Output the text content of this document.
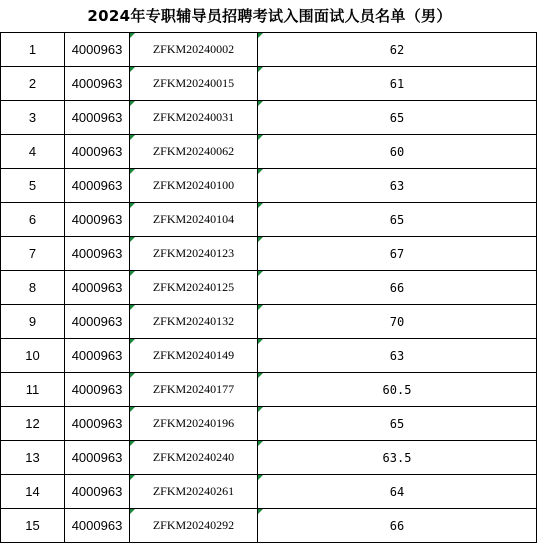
2024年专职辅导员招聘考试入围面试人员名单（男）
1	4000963	ZFKM20240002	62
2	4000963	ZFKM20240015	61
3	4000963	ZFKM20240031	65
4	4000963	ZFKM20240062	60
5	4000963	ZFKM20240100	63
6	4000963	ZFKM20240104	65
7	4000963	ZFKM20240123	67
8	4000963	ZFKM20240125	66
9	4000963	ZFKM20240132	70
10	4000963	ZFKM20240149	63
11	4000963	ZFKM20240177	60.5
12	4000963	ZFKM20240196	65
13	4000963	ZFKM20240240	63.5
14	4000963	ZFKM20240261	64
15	4000963	ZFKM20240292	66
